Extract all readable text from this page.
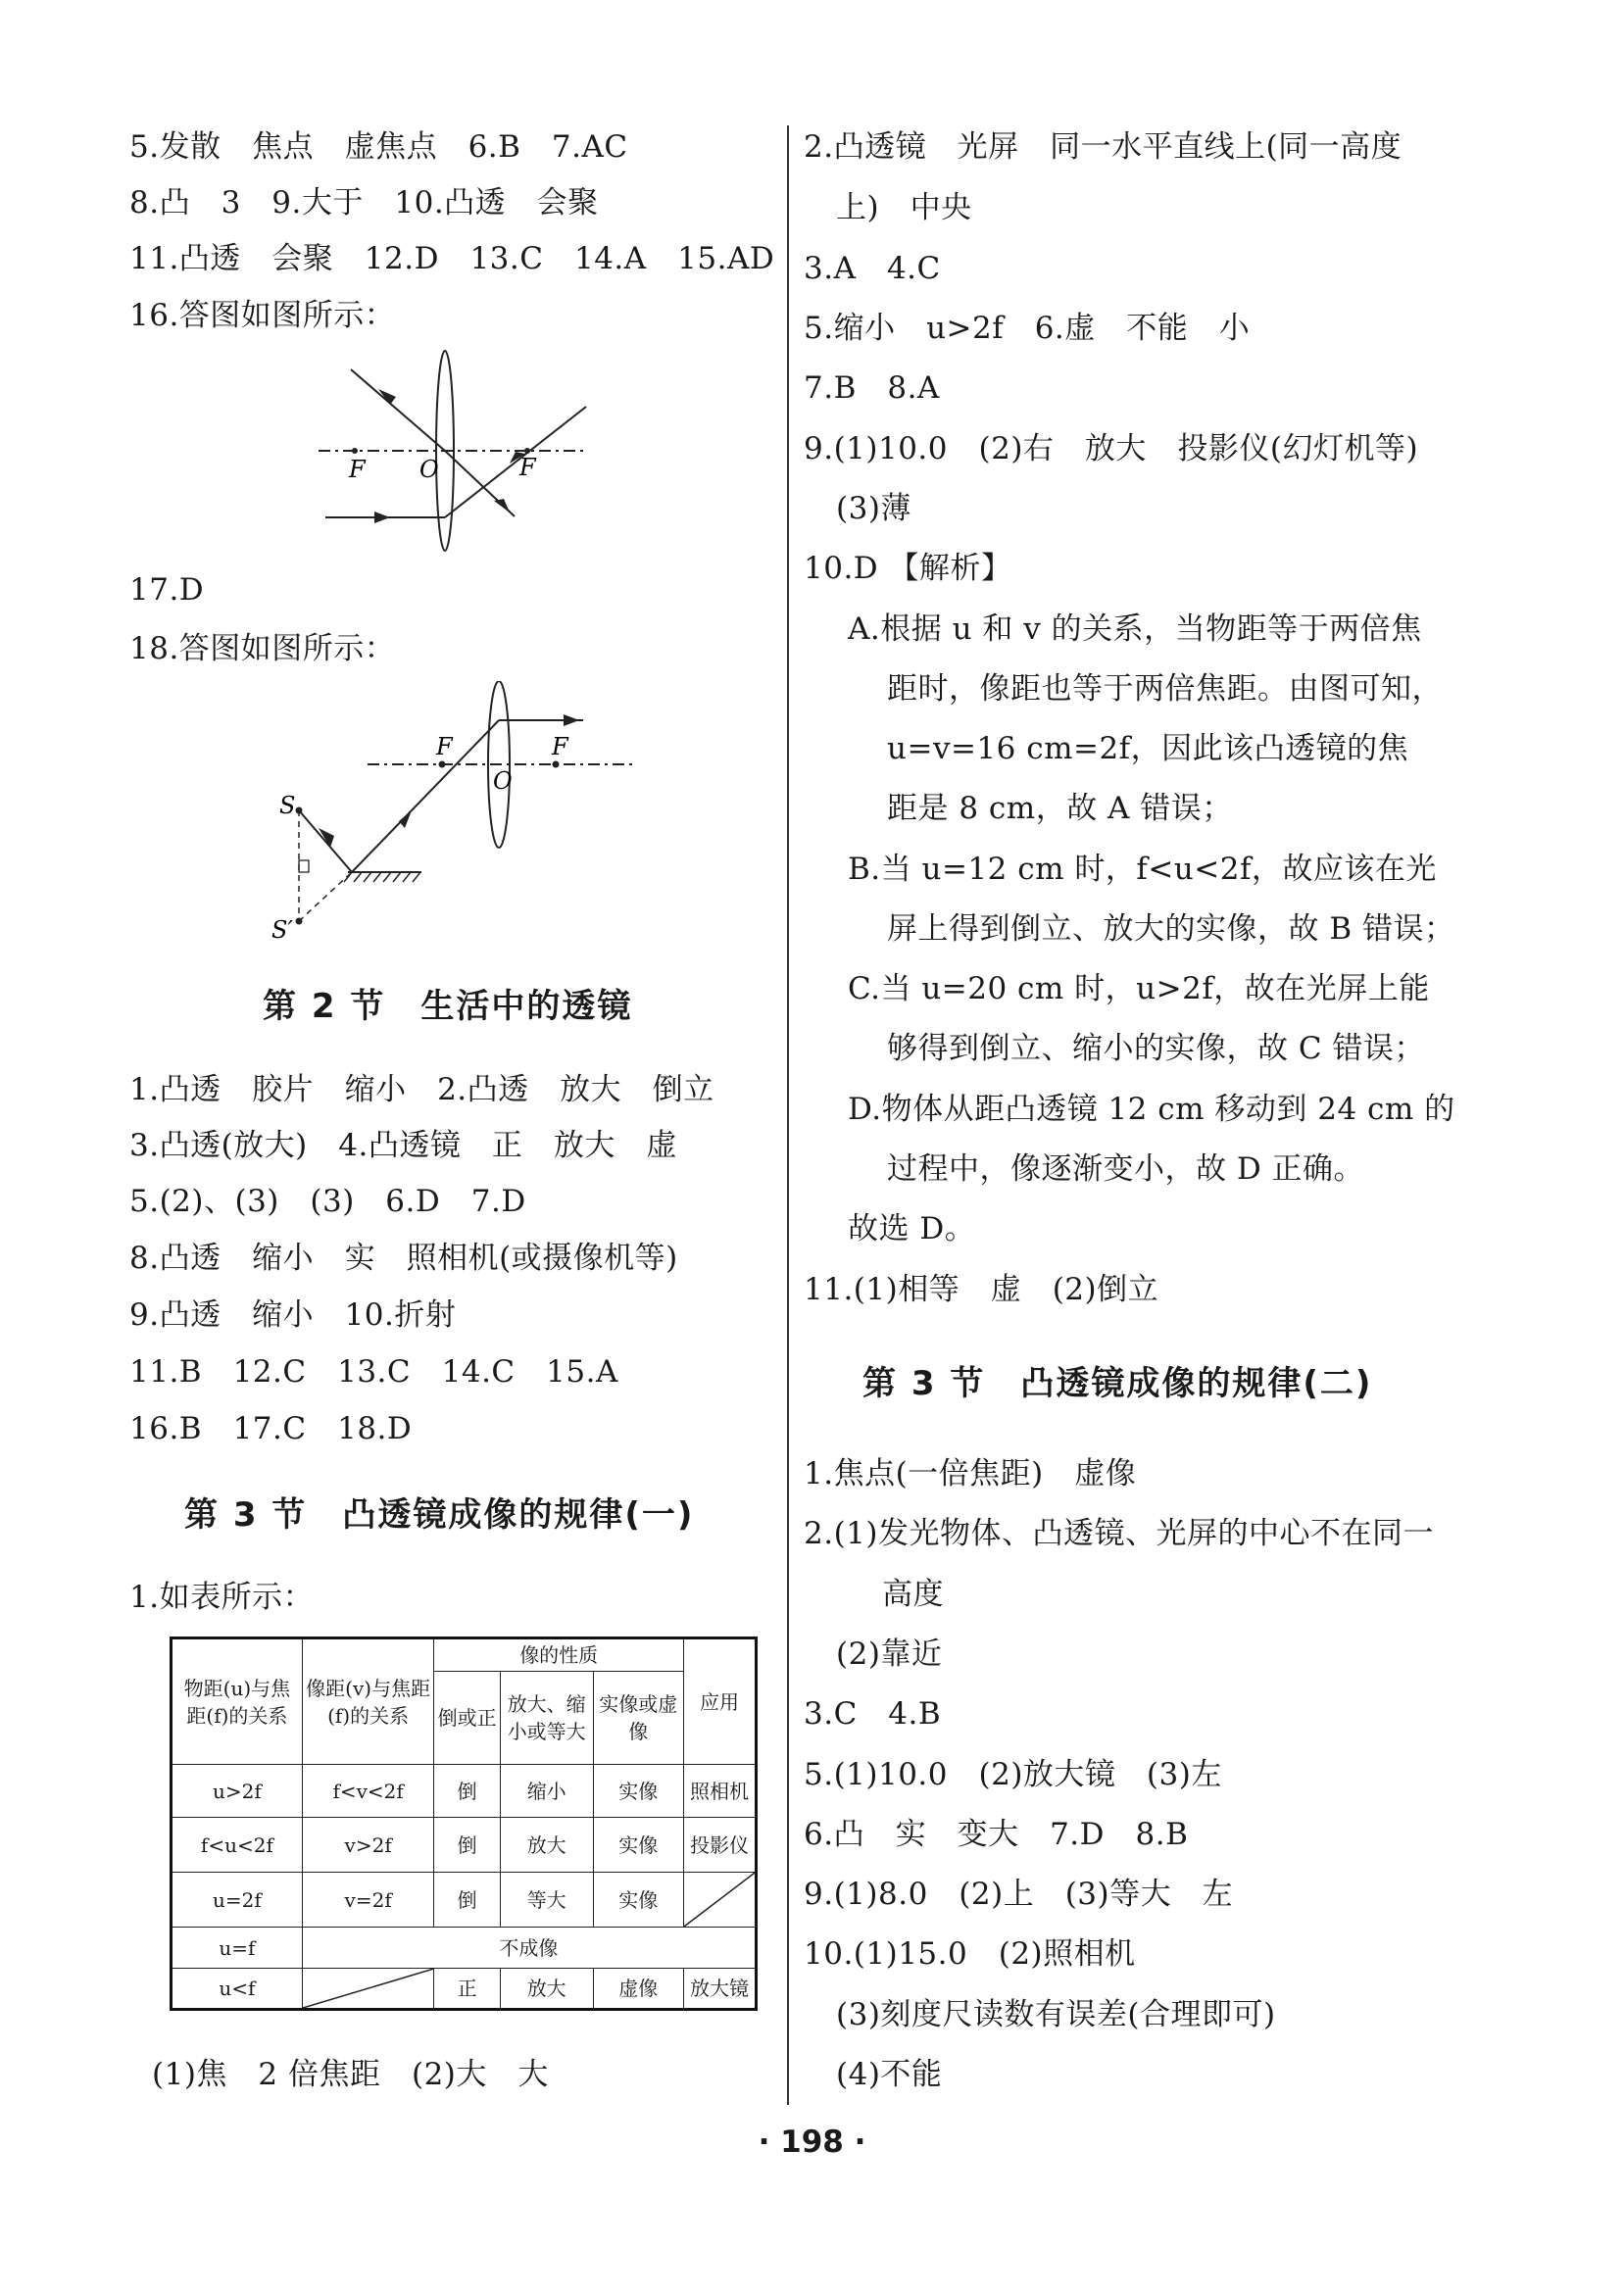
5.发散　焦点　虚焦点　6.B　7.AC
8.凸　3　9.大于　10.凸透　会聚
11.凸透　会聚　12.D　13.C　14.A　15.AD
16.答图如图所示：
F O	F
17.D
18.答图如图所示：
F
O
F
S
S′
第 2 节　生活中的透镜
1.凸透　胶片　缩小　2.凸透　放大　倒立
3.凸透(放大)　4.凸透镜　正　放大　虚
5.(2)、(3)　(3)　6.D　7.D
8.凸透　缩小　实　照相机(或摄像机等)
9.凸透　缩小　10.折射
11.B　12.C　13.C　14.C　15.A
16.B　17.C　18.D
第 3 节　凸透镜成像的规律(一)
1.如表所示：
物距(u)与焦距(f)的关系	像距(v)与焦距(f)的关系	像的性质			应用
		倒或正	放大、缩小或等大	实像或虚像	
u>2f	f<v<2f	倒	缩小	实像	照相机
f<u<2f	v>2f	倒	放大	实像	投影仪
u=2f	v=2f	倒	等大	实像	

u=f	不成像				
u<f		正	放大	虚像	放大镜
(1)焦　2 倍焦距　(2)大　大
2.凸透镜　光屏　同一水平直线上(同一高度
上)　中央
3.A　4.C
5.缩小　u>2f　6.虚　不能　小
7.B　8.A
9.(1)10.0　(2)右　放大　投影仪(幻灯机等)
(3)薄
10.D 【解析】
A.根据 u 和 v 的关系，当物距等于两倍焦
距时，像距也等于两倍焦距。由图可知，
u=v=16 cm=2f，因此该凸透镜的焦
距是 8 cm，故 A 错误；
B.当 u=12 cm 时，f<u<2f，故应该在光
屏上得到倒立、放大的实像，故 B 错误；
C.当 u=20 cm 时，u>2f，故在光屏上能
够得到倒立、缩小的实像，故 C 错误；
D.物体从距凸透镜 12 cm 移动到 24 cm 的
过程中，像逐渐变小，故 D 正确。
故选 D。
11.(1)相等　虚　(2)倒立
第 3 节　凸透镜成像的规律(二)
1.焦点(一倍焦距)　虚像
2.(1)发光物体、凸透镜、光屏的中心不在同一
高度
(2)靠近
3.C　4.B
5.(1)10.0　(2)放大镜　(3)左
6.凸　实　变大　7.D　8.B
9.(1)8.0　(2)上　(3)等大　左
10.(1)15.0　(2)照相机
(3)刻度尺读数有误差(合理即可)
(4)不能
· 198 ·
